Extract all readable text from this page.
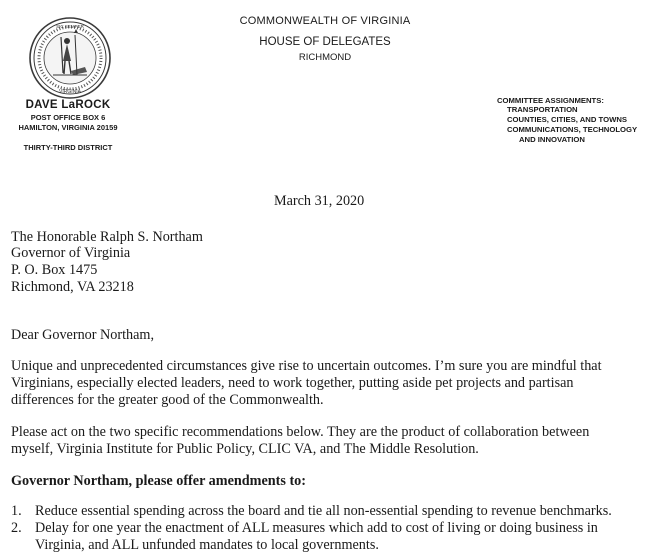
VIRGINIA
SIC SEMPER	COMMONWEALTH OF VIRGINIA
HOUSE OF DELEGATES
RICHMOND
DAVE LaROCK
POST OFFICE BOX 6
HAMILTON, VIRGINIA 20159
THIRTY-THIRD DISTRICT
COMMITTEE ASSIGNMENTS:
TRANSPORTATION
COUNTIES, CITIES, AND TOWNS
COMMUNICATIONS, TECHNOLOGY
AND INNOVATION
March 31, 2020
The Honorable Ralph S. Northam
Governor of Virginia
P. O. Box 1475
Richmond, VA 23218
Dear Governor Northam,
Unique and unprecedented circumstances give rise to uncertain outcomes. I’m sure you are mindful that
Virginians, especially elected leaders, need to work together, putting aside pet projects and partisan
differences for the greater good of the Commonwealth.
Please act on the two specific recommendations below. They are the product of collaboration between
myself, Virginia Institute for Public Policy, CLIC VA, and The Middle Resolution.
Governor Northam, please offer amendments to:
1. Reduce essential spending across the board and tie all non-essential spending to revenue benchmarks.
2. Delay for one year the enactment of ALL measures which add to cost of living or doing business in
Virginia, and ALL unfunded mandates to local governments.
